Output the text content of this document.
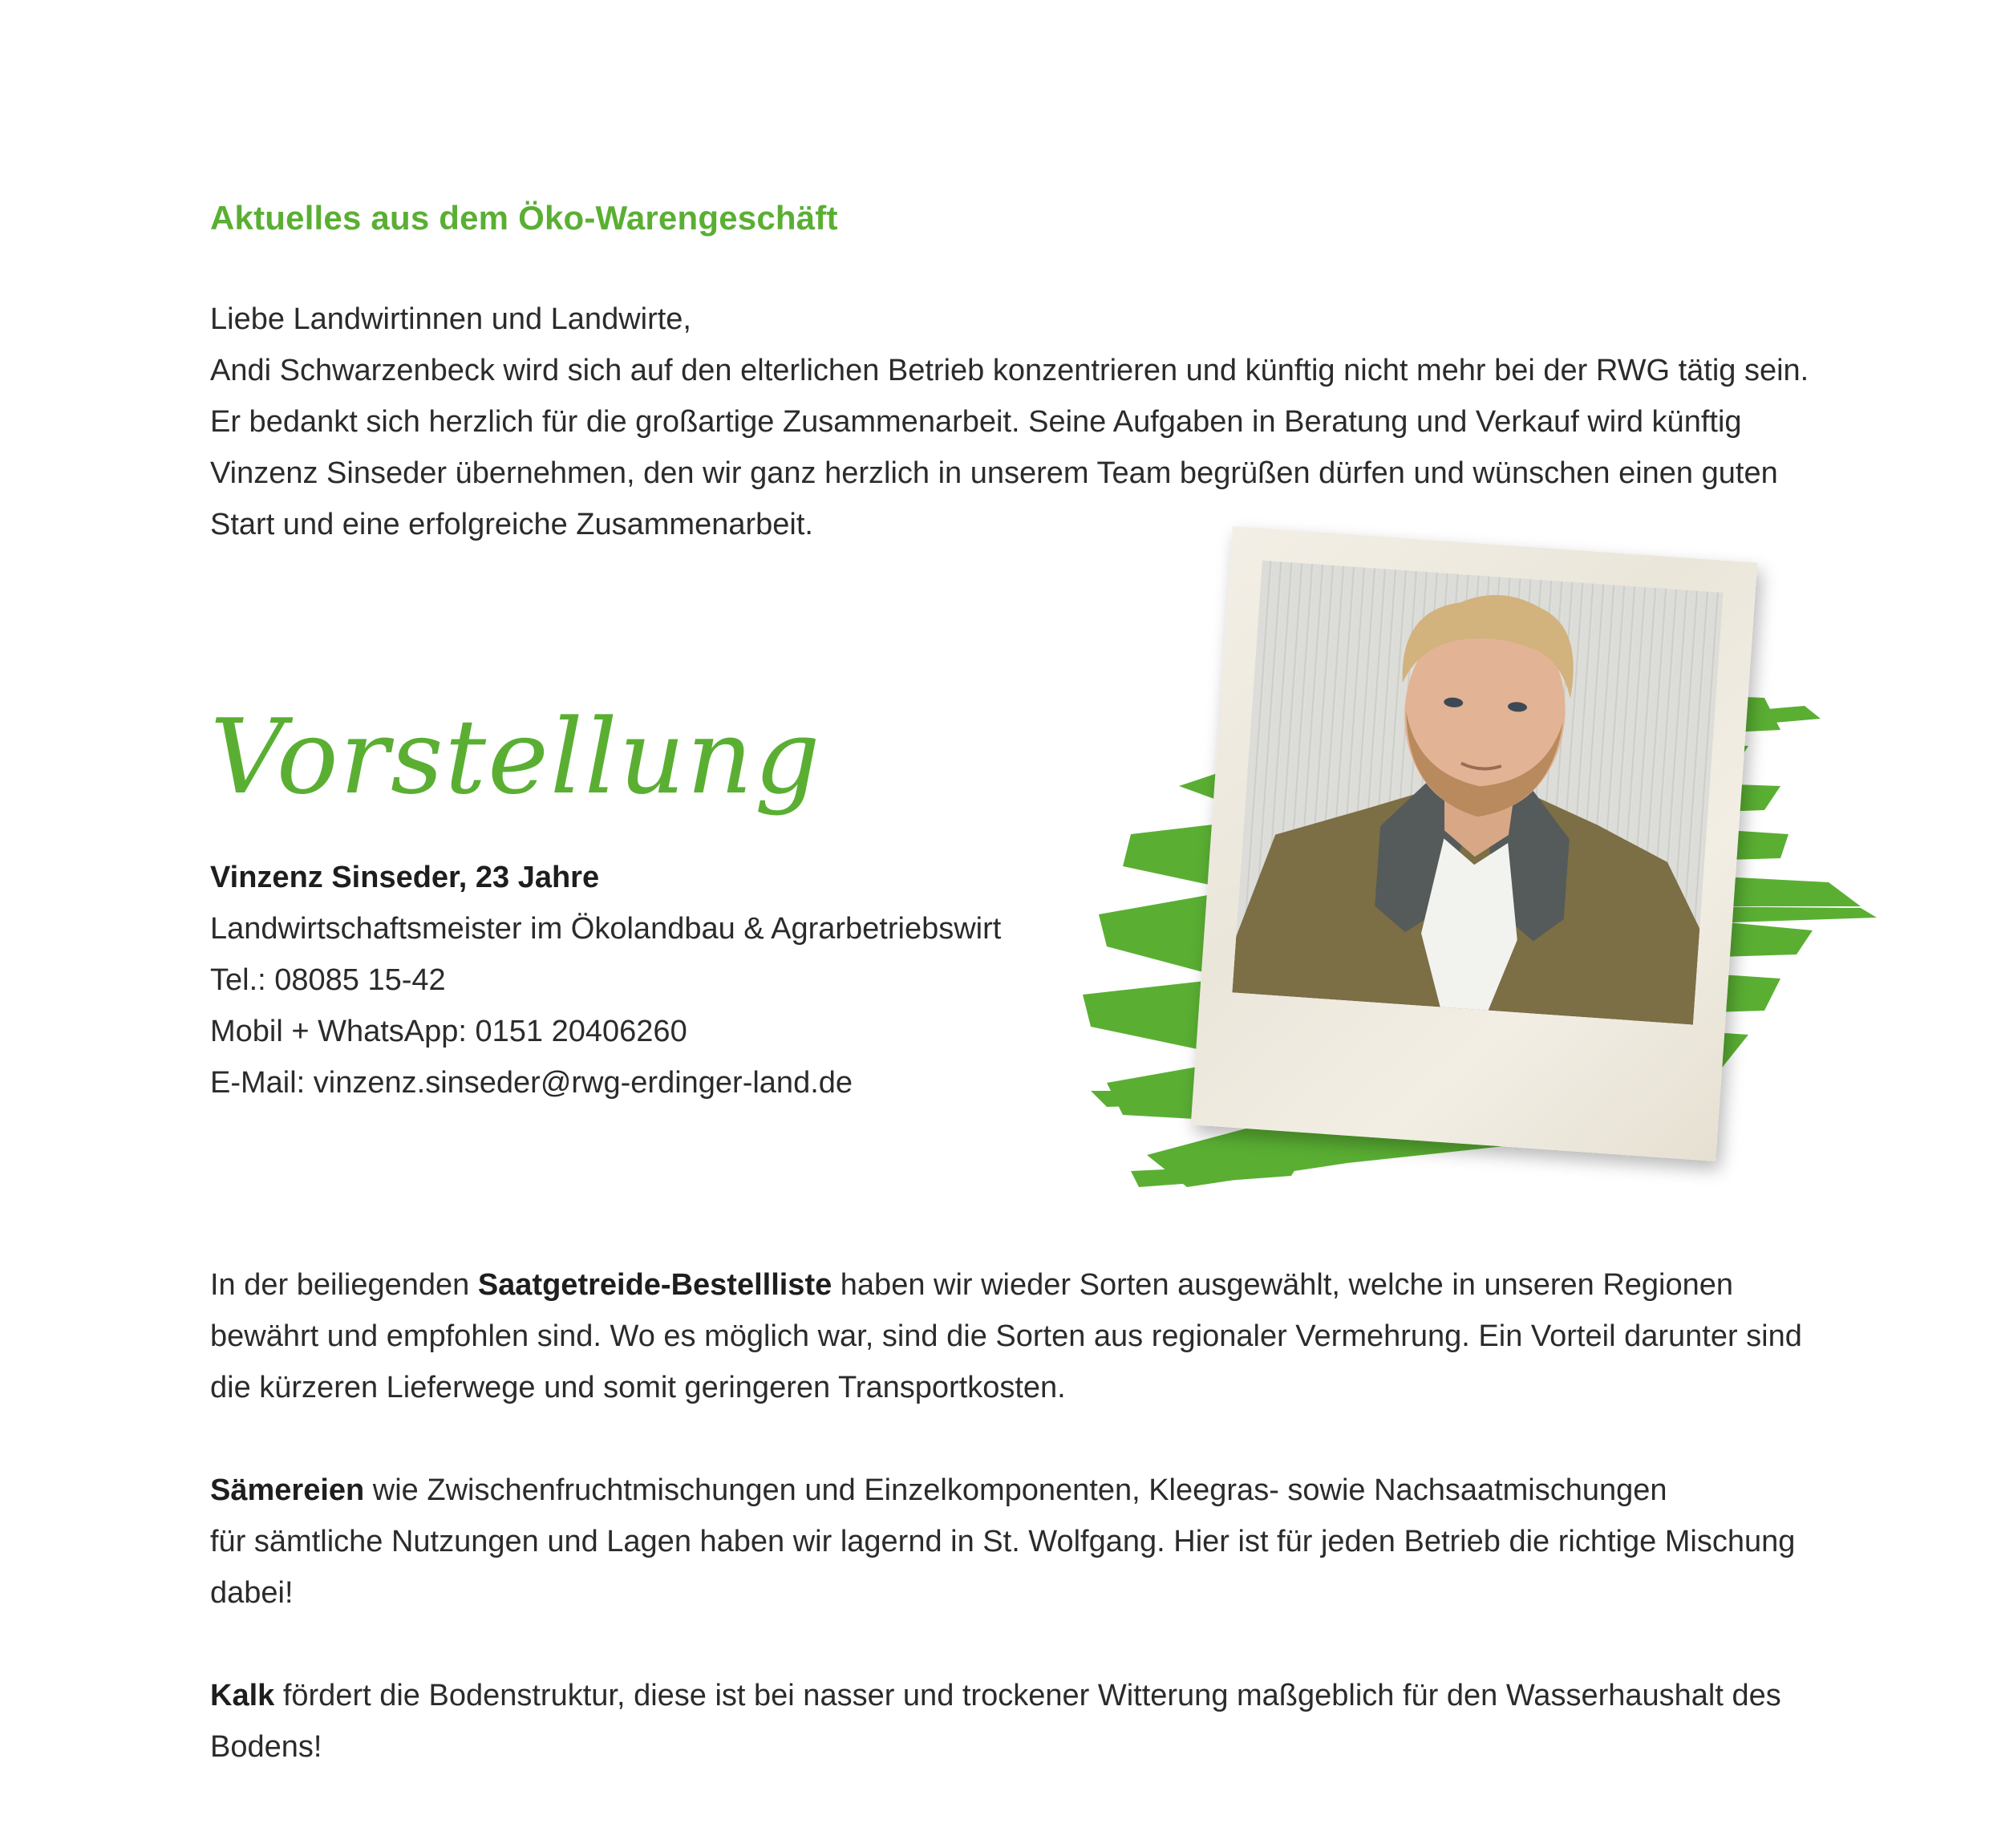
Aktuelles aus dem Öko-Warengeschäft

Liebe Landwirtinnen und Landwirte,
Andi Schwarzenbeck wird sich auf den elterlichen Betrieb konzentrieren und künftig nicht mehr bei der RWG tätig sein. Er bedankt sich herzlich für die großartige Zusammenarbeit. Seine Aufgaben in Beratung und Verkauf wird künftig Vinzenz Sinseder übernehmen, den wir ganz herzlich in unserem Team begrüßen dürfen und wünschen einen guten Start und eine erfolgreiche Zusammenarbeit.

Vorstellung
Vinzenz Sinseder, 23 Jahre
Landwirtschaftsmeister im Ökolandbau & Agrarbetriebswirt
Tel.: 08085 15-42
Mobil + WhatsApp: 0151 20406260
E-Mail: vinzenz.sinseder@rwg-erdinger-land.de

In der beiliegenden Saatgetreide-Bestellliste haben wir wieder Sorten ausgewählt, welche in unseren Regionen bewährt und empfohlen sind. Wo es möglich war, sind die Sorten aus regionaler Vermehrung. Ein Vorteil darunter sind die kürzeren Lieferwege und somit geringeren Transportkosten.

Sämereien wie Zwischenfruchtmischungen und Einzelkomponenten, Kleegras- sowie Nachsaatmischungen
für sämtliche Nutzungen und Lagen haben wir lagernd in St. Wolfgang. Hier ist für jeden Betrieb die richtige Mischung dabei!

Kalk fördert die Bodenstruktur, diese ist bei nasser und trockener Witterung maßgeblich für den Wasserhaushalt des Bodens!
